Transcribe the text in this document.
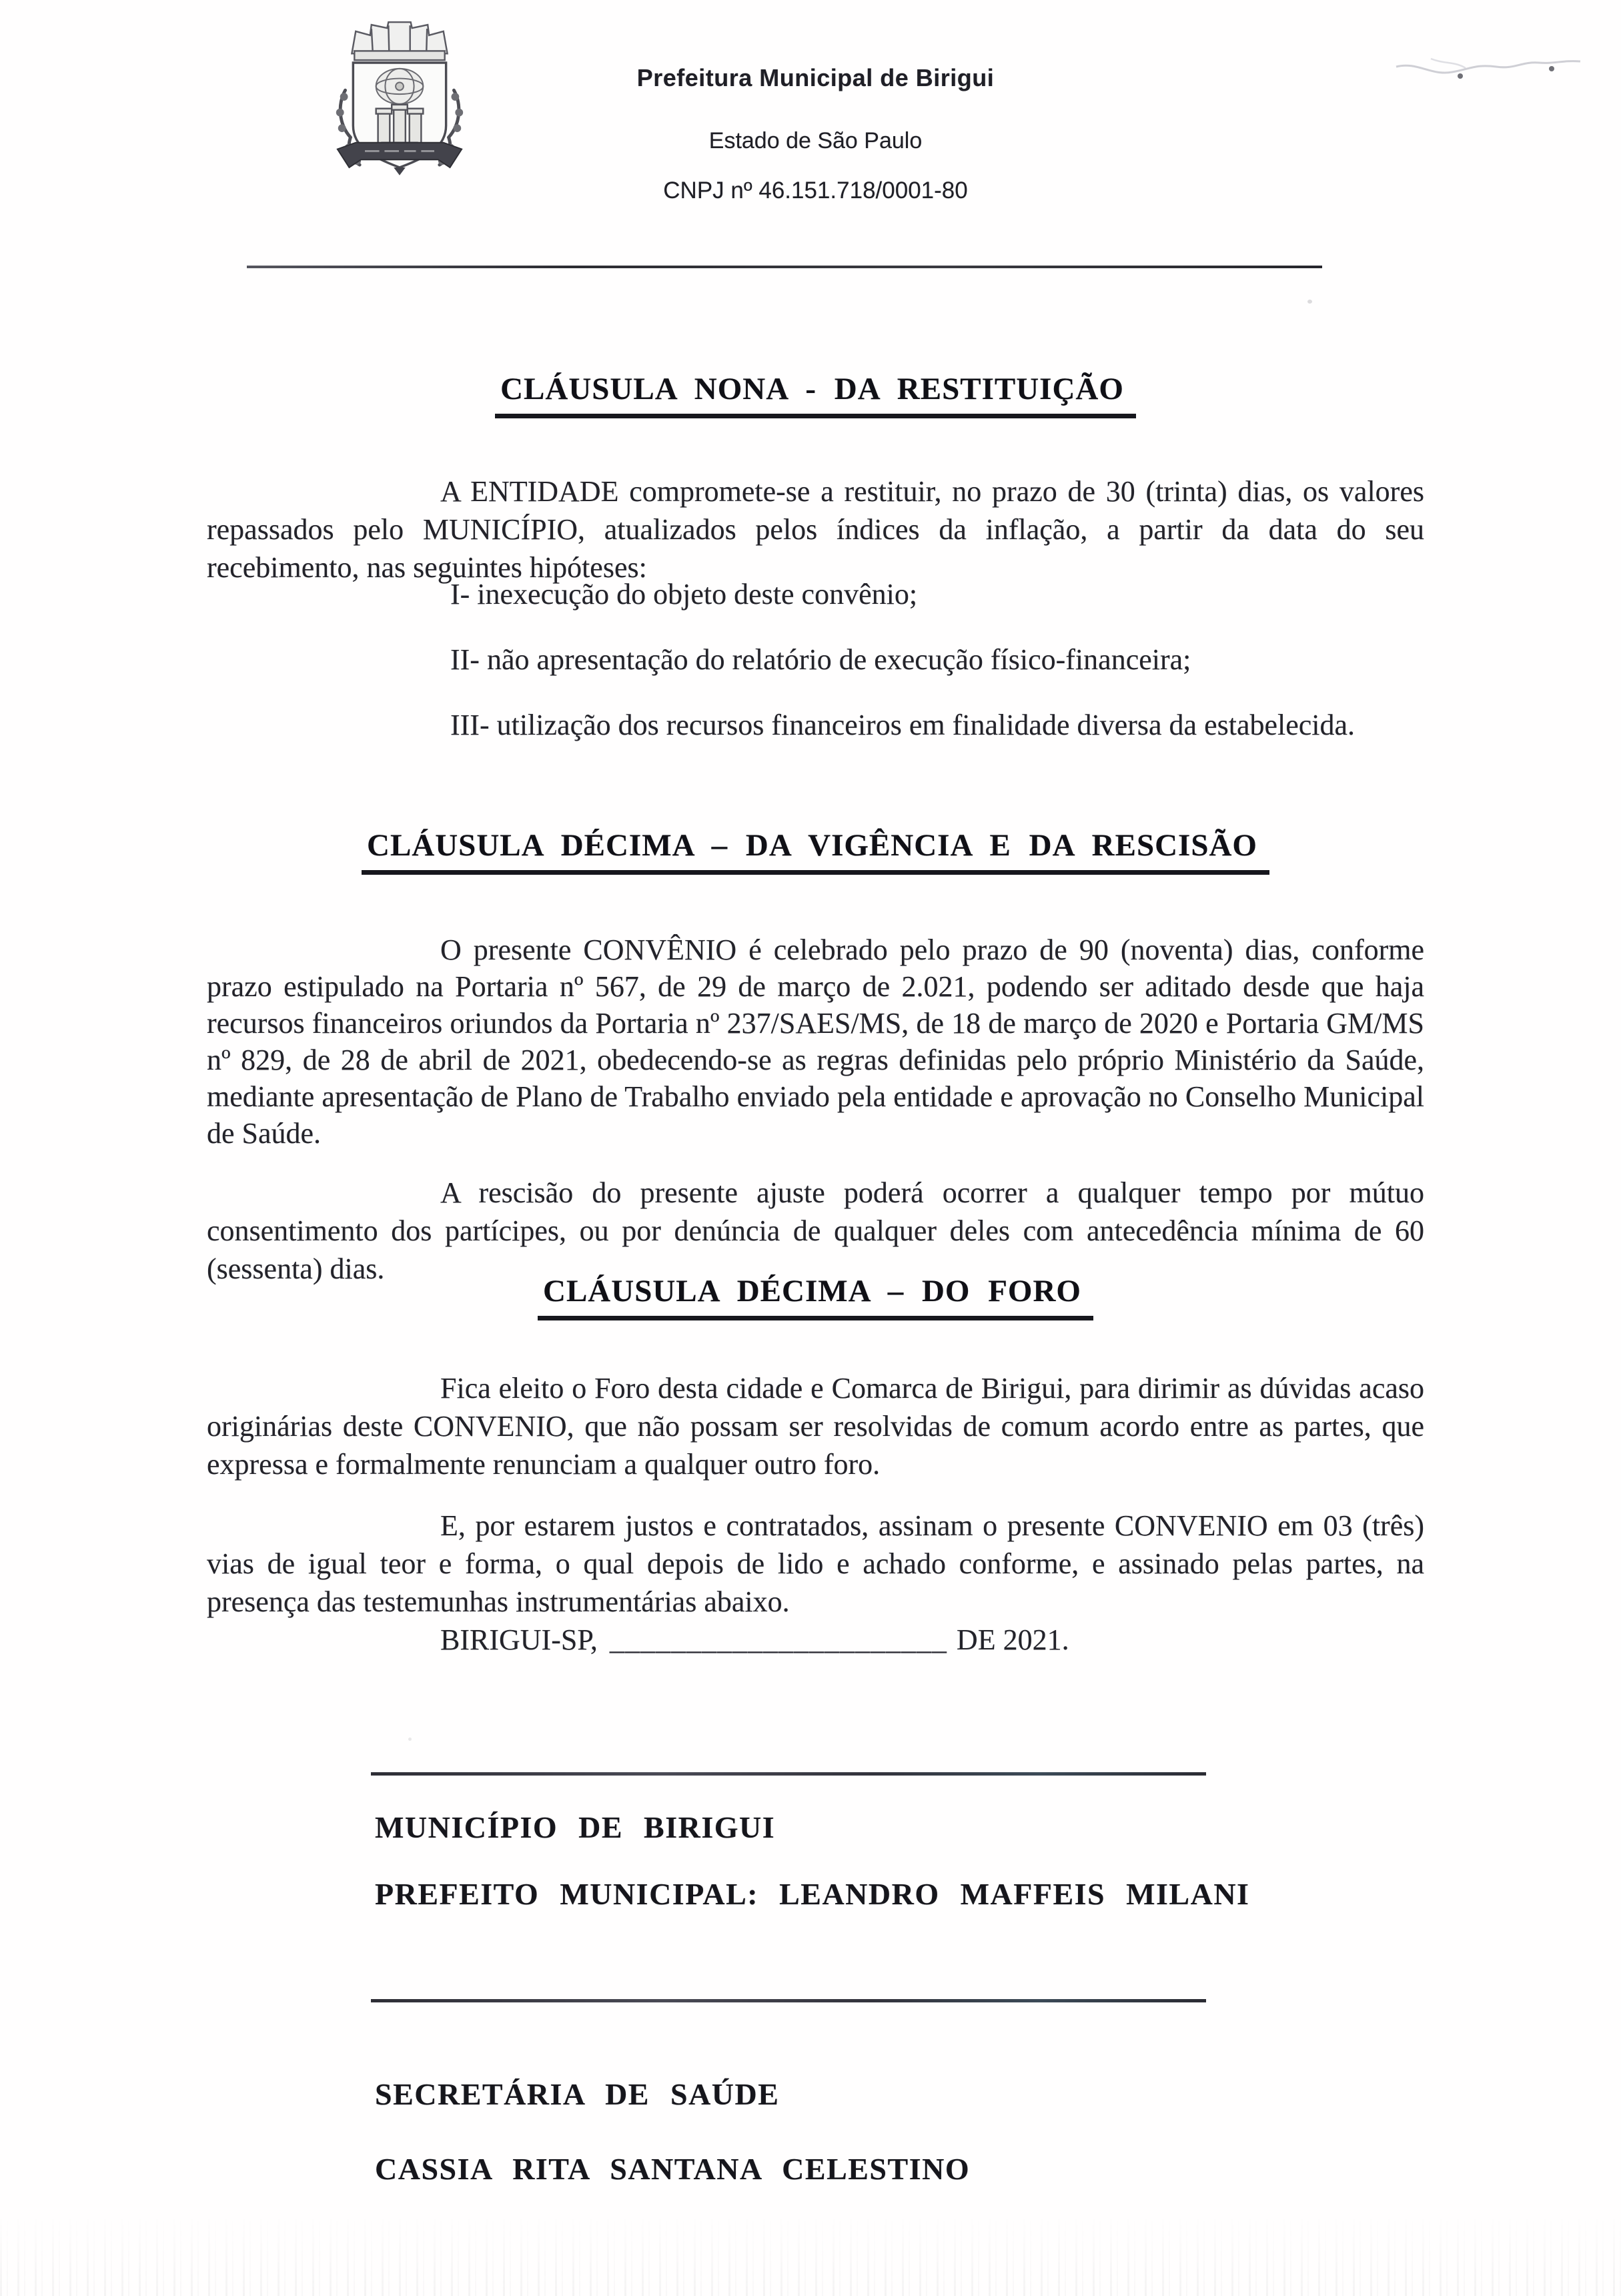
Prefeitura Municipal de Birigui
Estado de São Paulo
CNPJ nº 46.151.718/0001-80
CLÁUSULA NONA - DA RESTITUIÇÃO

A ENTIDADE compromete-se a restituir, no prazo de 30 (trinta) dias, os valores repassados pelo MUNICÍPIO, atualizados pelos índices da inflação, a partir da data do seu recebimento, nas seguintes hipóteses:

I- inexecução do objeto deste convênio;
II- não apresentação do relatório de execução físico-financeira;
III- utilização dos recursos financeiros em finalidade diversa da estabelecida.
CLÁUSULA DÉCIMA – DA VIGÊNCIA E DA RESCISÃO

O presente CONVÊNIO é celebrado pelo prazo de 90 (noventa) dias, conforme prazo estipulado na Portaria nº 567, de 29 de março de 2.021, podendo ser aditado desde que haja recursos financeiros oriundos da Portaria nº 237/SAES/MS, de 18 de março de 2020 e Portaria GM/MS nº 829, de 28 de abril de 2021, obedecendo-se as regras definidas pelo próprio Ministério da Saúde, mediante apresentação de Plano de Trabalho enviado pela entidade e aprovação no Conselho Municipal de Saúde.

A rescisão do presente ajuste poderá ocorrer a qualquer tempo por mútuo consentimento dos partícipes, ou por denúncia de qualquer deles com antecedência mínima de 60 (sessenta) dias.

CLÁUSULA DÉCIMA – DO FORO

Fica eleito o Foro desta cidade e Comarca de Birigui, para dirimir as dúvidas acaso originárias deste CONVENIO, que não possam ser resolvidas de comum acordo entre as partes, que expressa e formalmente renunciam a qualquer outro foro.

E, por estarem justos e contratados, assinam o presente CONVENIO em 03 (três) vias de igual teor e forma, o qual depois de lido e achado conforme, e assinado pelas partes, na presença das testemunhas instrumentárias abaixo.

BIRIGUI-SP, ______________________ DE 2021.
MUNICÍPIO DE BIRIGUI
PREFEITO MUNICIPAL: LEANDRO MAFFEIS MILANI
SECRETÁRIA DE SAÚDE
CASSIA RITA SANTANA CELESTINO
